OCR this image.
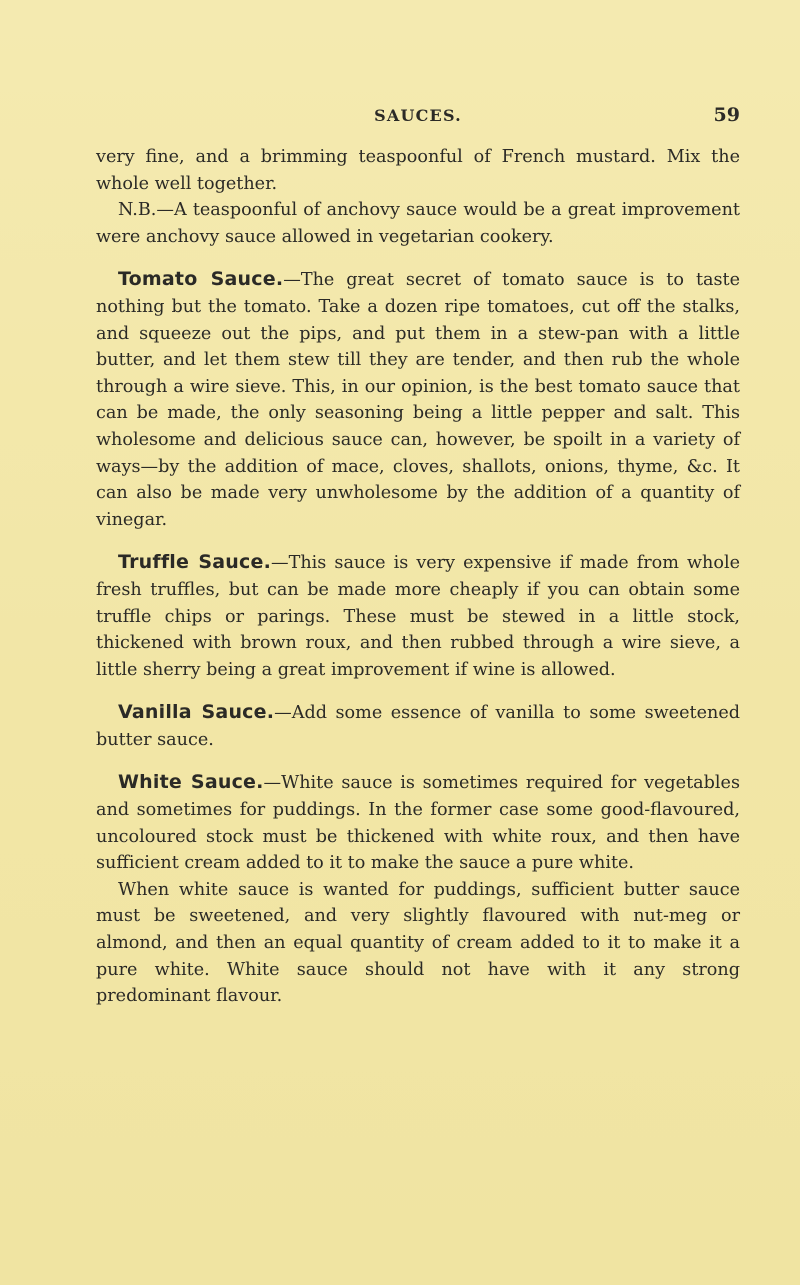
SAUCES.	59

very fine, and a brimming teaspoonful of French mustard. Mix the whole well together.

N.B.—A teaspoonful of anchovy sauce would be a great improvement were anchovy sauce allowed in vegetarian cookery.

Tomato Sauce.—The great secret of tomato sauce is to taste nothing but the tomato. Take a dozen ripe tomatoes, cut off the stalks, and squeeze out the pips, and put them in a stew-pan with a little butter, and let them stew till they are tender, and then rub the whole through a wire sieve. This, in our opinion, is the best tomato sauce that can be made, the only seasoning being a little pepper and salt. This wholesome and delicious sauce can, however, be spoilt in a variety of ways—by the addition of mace, cloves, shallots, onions, thyme, &c. It can also be made very unwholesome by the addition of a quantity of vinegar.

Truffle Sauce.—This sauce is very expensive if made from whole fresh truffles, but can be made more cheaply if you can obtain some truffle chips or parings. These must be stewed in a little stock, thickened with brown roux, and then rubbed through a wire sieve, a little sherry being a great improvement if wine is allowed.

Vanilla Sauce.—Add some essence of vanilla to some sweetened butter sauce.

White Sauce.—White sauce is sometimes required for vegetables and sometimes for puddings. In the former case some good-flavoured, uncoloured stock must be thickened with white roux, and then have sufficient cream added to it to make the sauce a pure white.

When white sauce is wanted for puddings, sufficient butter sauce must be sweetened, and very slightly flavoured with nut-meg or almond, and then an equal quantity of cream added to it to make it a pure white. White sauce should not have with it any strong predominant flavour.
